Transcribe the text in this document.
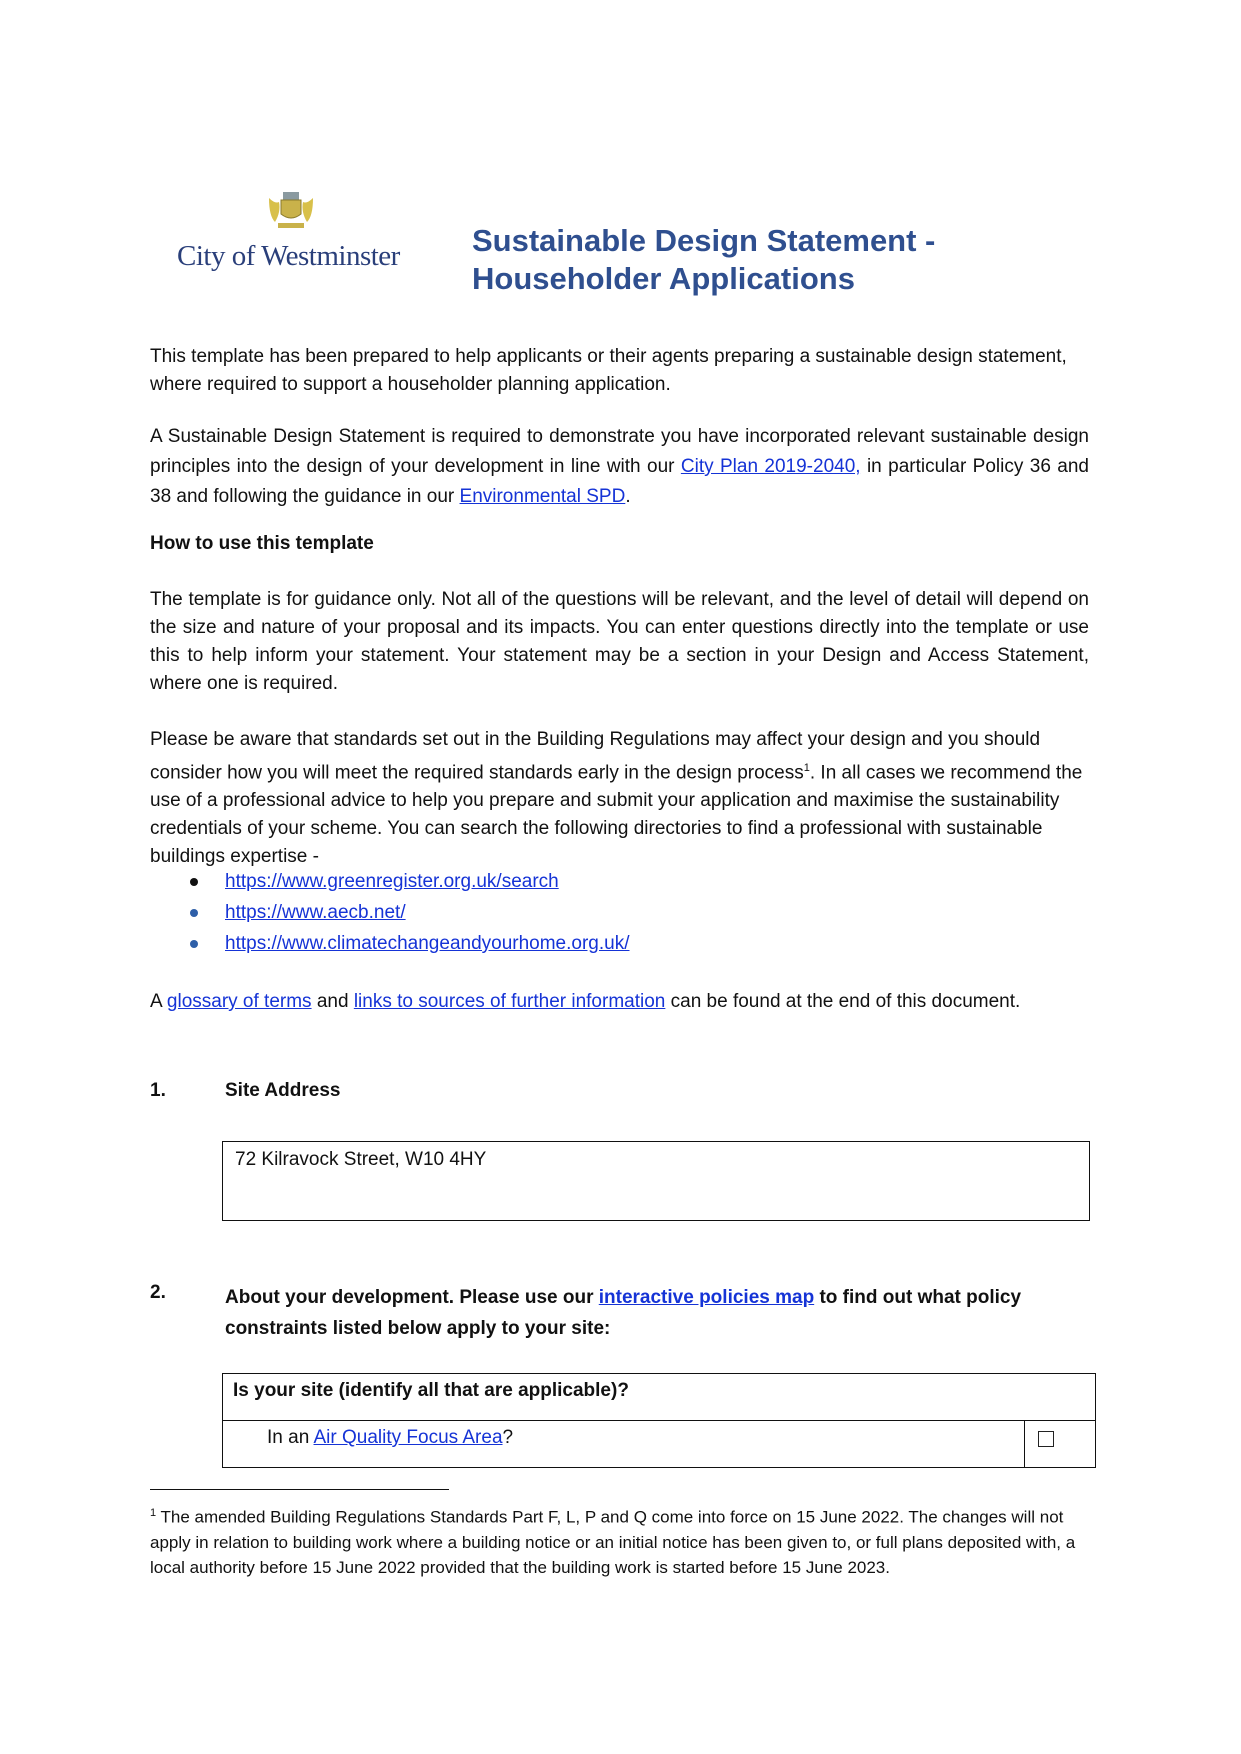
City of Westminster Sustainable Design Statement -
Householder Applications
This template has been prepared to help applicants or their agents preparing a sustainable design statement, where required to support a householder planning application.
A Sustainable Design Statement is required to demonstrate you have incorporated relevant sustainable design principles into the design of your development in line with our City Plan 2019-2040, in particular Policy 36 and 38 and following the guidance in our Environmental SPD.
How to use this template
The template is for guidance only. Not all of the questions will be relevant, and the level of detail will depend on the size and nature of your proposal and its impacts. You can enter questions directly into the template or use this to help inform your statement. Your statement may be a section in your Design and Access Statement, where one is required.
Please be aware that standards set out in the Building Regulations may affect your design and you should consider how you will meet the required standards early in the design process$^1$. In all cases we recommend the use of a professional advice to help you prepare and submit your application and maximise the sustainability credentials of your scheme. You can search the following directories to find a professional with sustainable buildings expertise -
https://www.greenregister.org.uk/search
https://www.aecb.net/
https://www.climatechangeandyourhome.org.uk/
A glossary of terms and links to sources of further information can be found at the end of this document.
1.	Site Address
72 Kilravock Street, W10 4HY
2.	About your development. Please use our interactive policies map to find out what policy constraints listed below apply to your site:
Is your site (identify all that are applicable)?
In an Air Quality Focus Area?	
$^1$ The amended Building Regulations Standards Part F, L, P and Q come into force on 15 June 2022. The changes will not apply in relation to building work where a building notice or an initial notice has been given to, or full plans deposited with, a local authority before 15 June 2022 provided that the building work is started before 15 June 2023.
